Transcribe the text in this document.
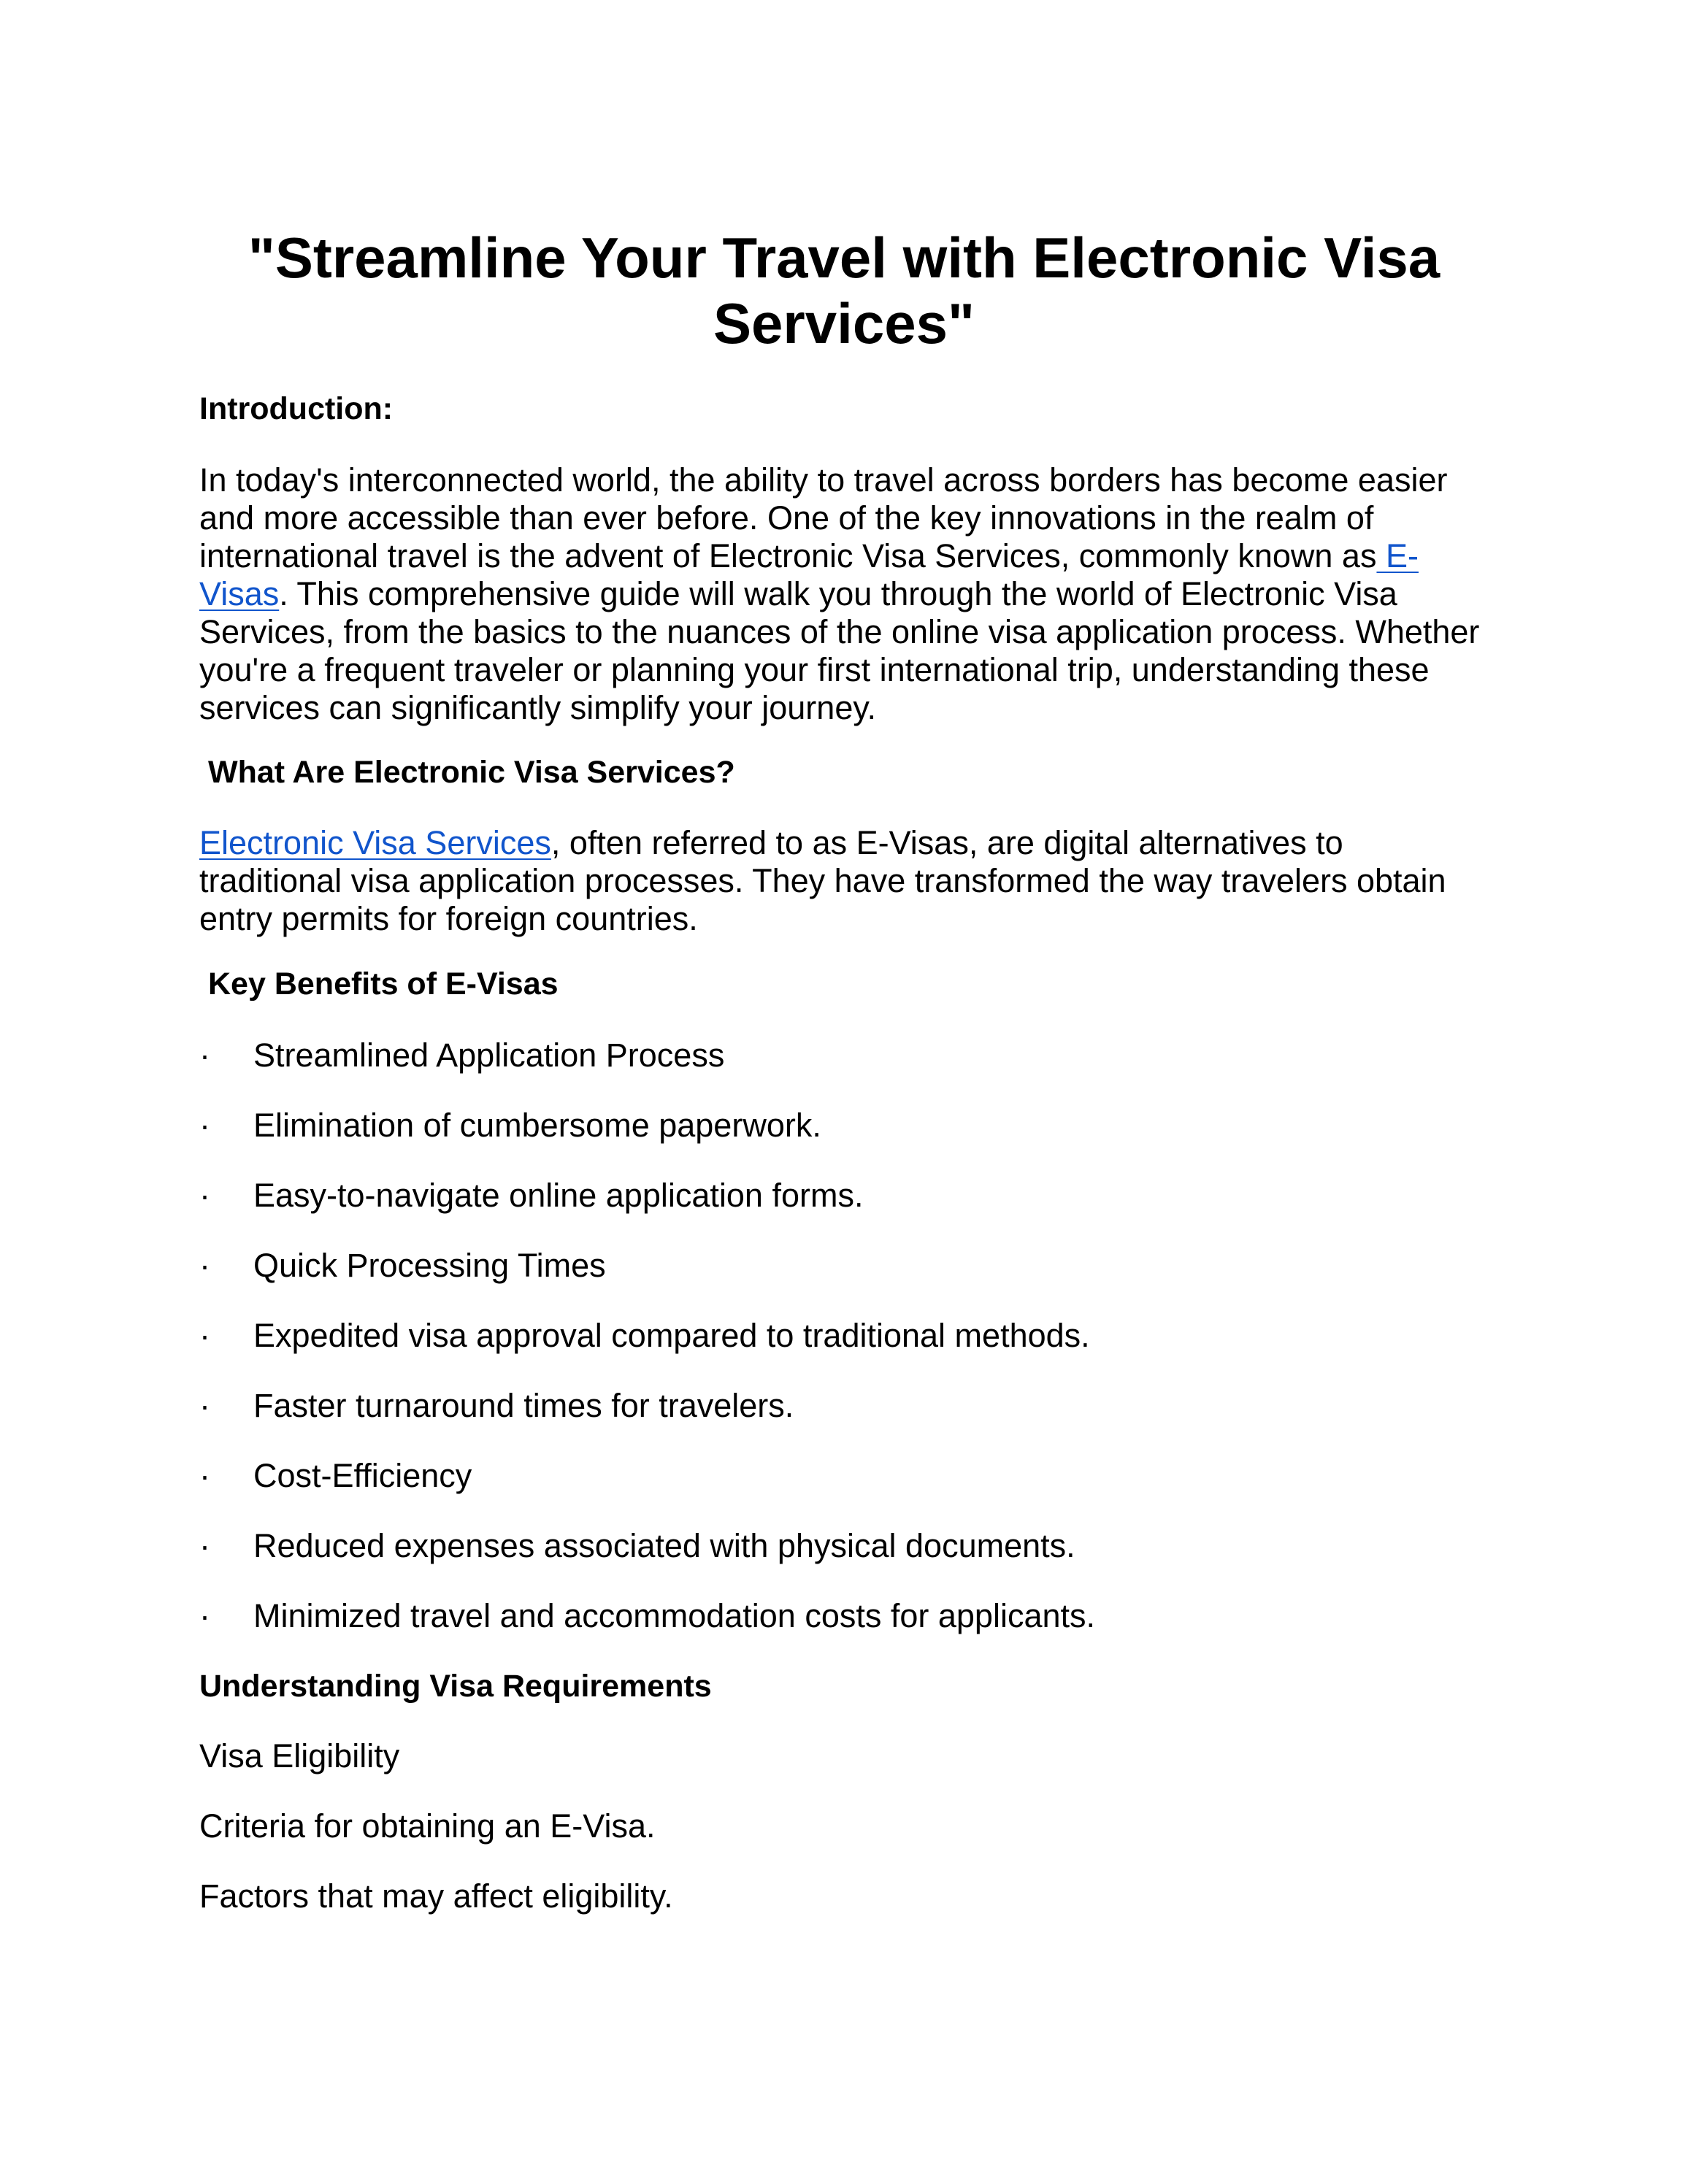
"Streamline Your Travel with Electronic Visa
Services"
Introduction:

In today's interconnected world, the ability to travel across borders has become easier
and more accessible than ever before. One of the key innovations in the realm of
international travel is the advent of Electronic Visa Services, commonly known as E-
Visas. This comprehensive guide will walk you through the world of Electronic Visa
Services, from the basics to the nuances of the online visa application process. Whether
you're a frequent traveler or planning your first international trip, understanding these
services can significantly simplify your journey.

What Are Electronic Visa Services?

Electronic Visa Services, often referred to as E-Visas, are digital alternatives to
traditional visa application processes. They have transformed the way travelers obtain
entry permits for foreign countries.

Key Benefits of E-Visas
· Streamlined Application Process
· Elimination of cumbersome paperwork.
· Easy-to-navigate online application forms.
· Quick Processing Times
· Expedited visa approval compared to traditional methods.
· Faster turnaround times for travelers.
· Cost-Efficiency
· Reduced expenses associated with physical documents.
· Minimized travel and accommodation costs for applicants.
Understanding Visa Requirements

Visa Eligibility

Criteria for obtaining an E-Visa.

Factors that may affect eligibility.
